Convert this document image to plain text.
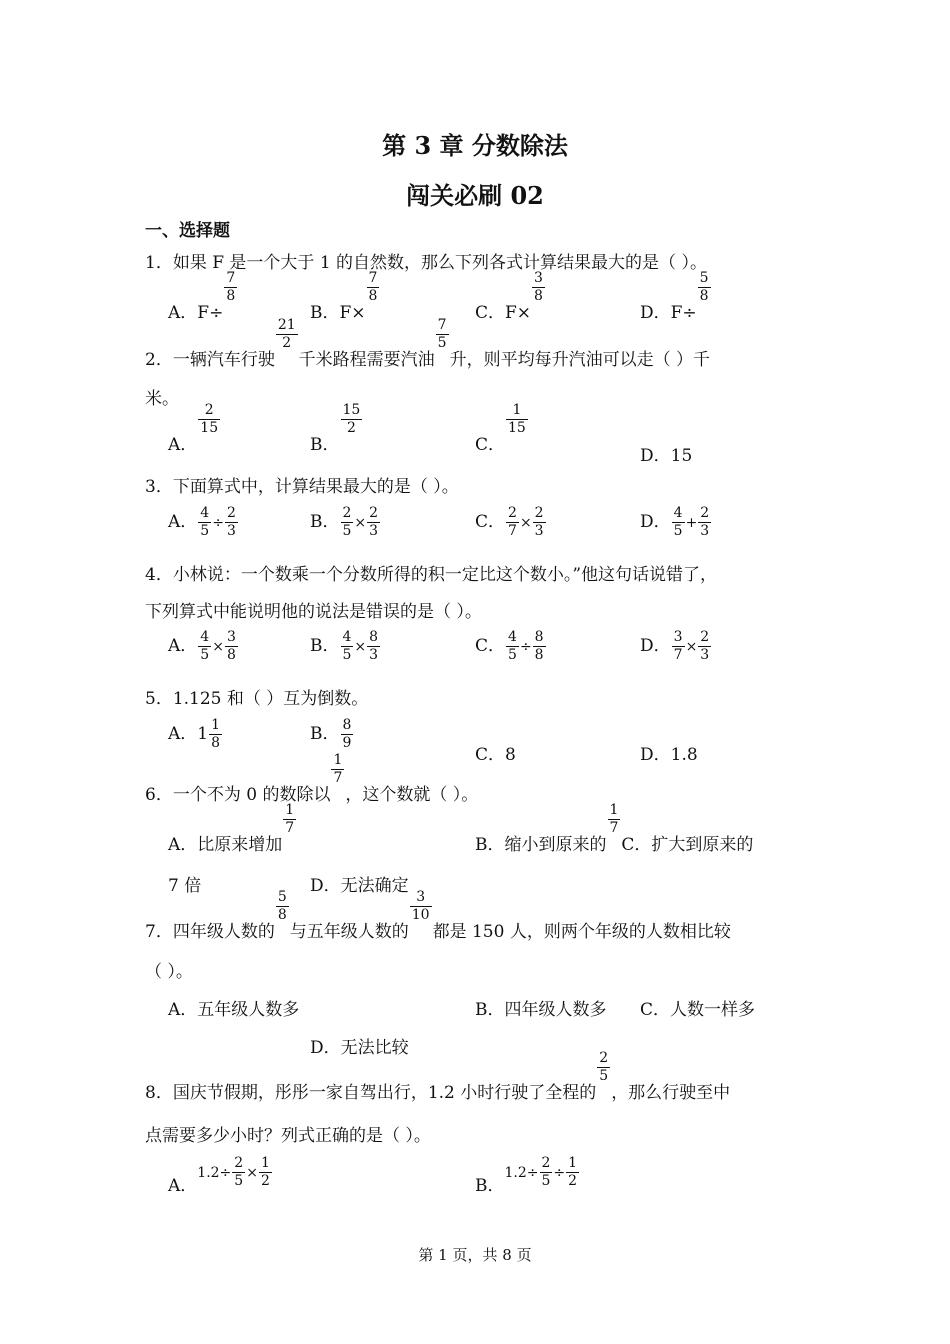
第 3 章 分数除法
闯关必刷 02
一、选择题
1．如果 F 是一个大于 1 的自然数，那么下列各式计算结果最大的是（ ）。
A．F÷
$\frac{7}{8}$
B．F×
$\frac{7}{8}$
C．F×
$\frac{3}{8}$
D．F÷
$\frac{5}{8}$
2．一辆汽车行驶
$\frac{21}{2}$
千米路程需要汽油
$\frac{7}{5}$
升，则平均每升汽油可以走（ ）千
米。
A．
$\frac{2}{15}$
B．
$\frac{15}{2}$
C．
$\frac{1}{15}$
D．15
3．下面算式中，计算结果最大的是（ ）。
A． $\frac{4}{5} \div \frac{2}{3}$	B． $\frac{2}{5} \times \frac{2}{3}$	C． $\frac{2}{7} \times \frac{2}{3}$	D． $\frac{4}{5} + \frac{2}{3}$
4．小林说：一个数乘一个分数所得的积一定比这个数小。”他这句话说错了，
下列算式中能说明他的说法是错误的是（ ）。
A． $\frac{4}{5} \times \frac{3}{8}$	B． $\frac{4}{5} \times \frac{8}{3}$	C． $\frac{4}{5} \div \frac{8}{8}$	D． $\frac{3}{7} \times \frac{2}{3}$
5．1.125 和（ ）互为倒数。
A．$1 \frac{1}{8}$	B． $\frac{8}{9}$
C．8	D．1.8
6．一个不为 0 的数除以
$\frac{1}{7}$
，这个数就（ ）。
A．比原来增加
$\frac{1}{7}$
B．缩小到原来的
$\frac{1}{7}$
C．扩大到原来的
7 倍	D．无法确定
7．四年级人数的
$\frac{5}{8}$
与五年级人数的
$\frac{3}{10}$
都是 150 人，则两个年级的人数相比较
（ ）。
A．五年级人数多	B．四年级人数多 C．人数一样多
D．无法比较
8．国庆节假期，彤彤一家自驾出行，1.2 小时行驶了全程的
$\frac{2}{5}$
，那么行驶至中
点需要多少小时？列式正确的是（ ）。
A．$1.2\div \frac{2}{5} \times \frac{1}{2}$	B．$1.2\div \frac{2}{5} \div \frac{1}{2}$
第 1 页，共 8 页
